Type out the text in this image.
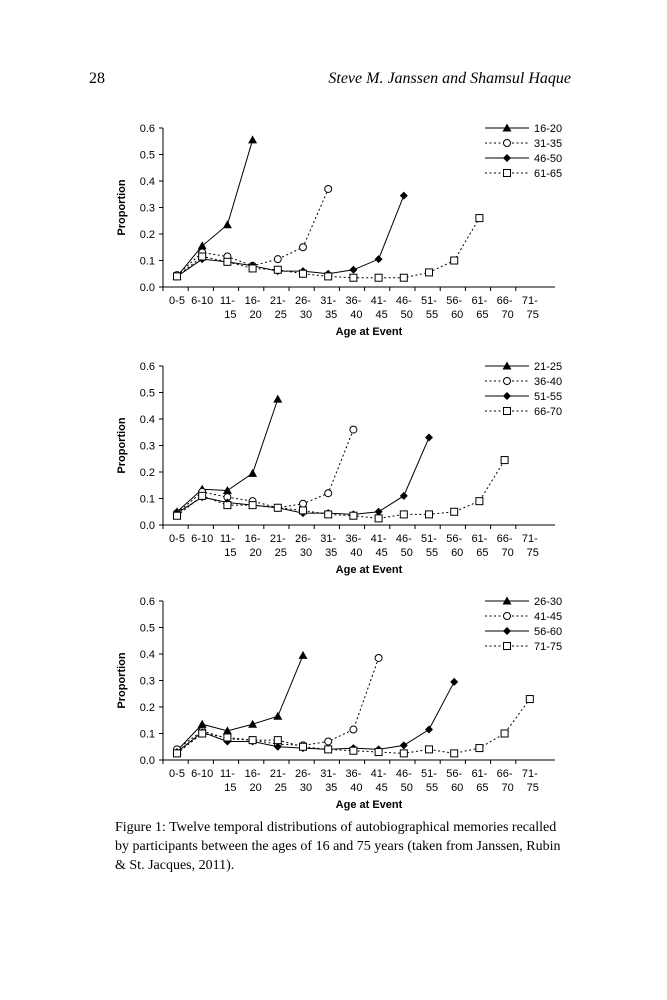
28	Steve M. Janssen and Shamsul Haque
0.0
0.1
0.2
0.3
0.4
0.5
0.6
0-5 6-10 11-
15
16-
20
21-
25
26-
30
31-
35
36-
40
41-
45
46-
50
51-
55
56-
60
61-
65
66-
70
71-
75
Age at Event
Proportion
16-20
31-35
46-50
61-65
0.0
0.1
0.2
0.3
0.4
0.5
0.6
0-5 6-10 11-
15
16-
20
21-
25
26-
30
31-
35
36-
40
41-
45
46-
50
51-
55
56-
60
61-
65
66-
70
71-
75
Age at Event
Proportion
21-25
36-40
51-55
66-70
0.0
0.1
0.2
0.3
0.4
0.5
0.6
0-5 6-10 11-
15
16-
20
21-
25
26-
30
31-
35
36-
40
41-
45
46-
50
51-
55
56-
60
61-
65
66-
70
71-
75
Age at Event
Proportion
26-30
41-45
56-60
71-75
Figure 1: Twelve temporal distributions of autobiographical memories recalled by participants between the ages of 16 and 75 years (taken from Janssen, Rubin & St. Jacques, 2011).
